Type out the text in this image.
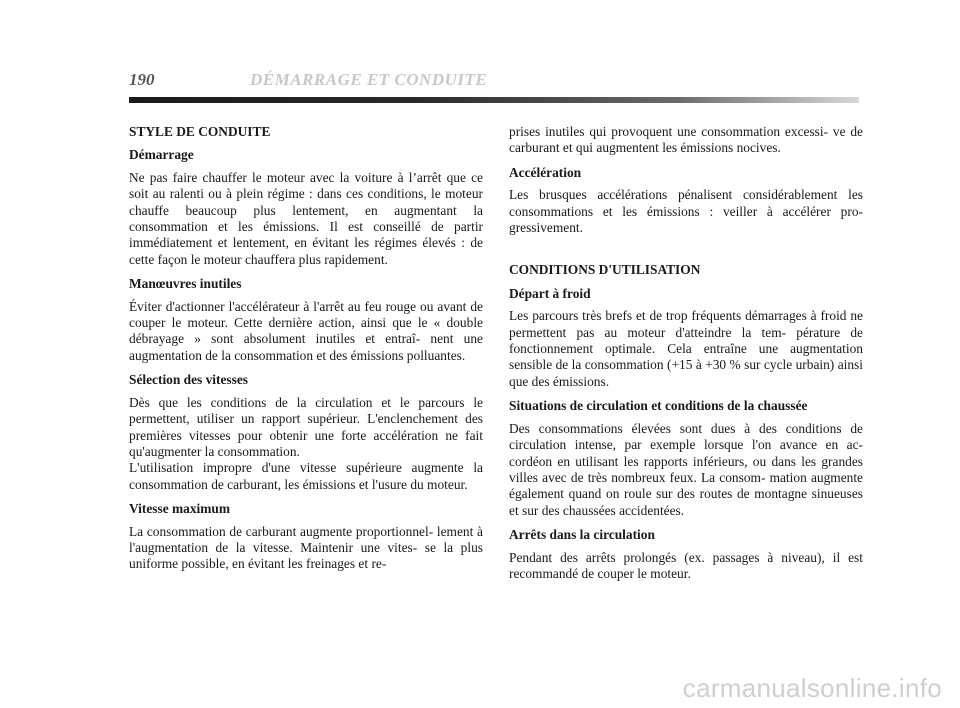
190	DÉMARRAGE ET CONDUITE
STYLE DE CONDUITE
Démarrage

Ne pas faire chauffer le moteur avec la voiture à l’arrêt que ce soit au ralenti ou à plein régime : dans ces conditions, le moteur chauffe beaucoup plus lentement, en augmentant la consommation et les émissions. Il est conseillé de partir immédiatement et lentement, en évitant les régimes élevés : de cette façon le moteur chauffera plus rapidement.

Manœuvres inutiles

Éviter d'actionner l'accélérateur à l'arrêt au feu rouge ou avant de couper le moteur. Cette dernière action, ainsi que le « double débrayage » sont absolument inutiles et entraî- nent une augmentation de la consommation et des émissions polluantes.

Sélection des vitesses

Dès que les conditions de la circulation et le parcours le permettent, utiliser un rapport supérieur. L'enclenchement des premières vitesses pour obtenir une forte accélération ne fait qu'augmenter la consommation.

L'utilisation impropre d'une vitesse supérieure augmente la consommation de carburant, les émissions et l'usure du moteur.

Vitesse maximum

La consommation de carburant augmente proportionnel- lement à l'augmentation de la vitesse. Maintenir une vites- se la plus uniforme possible, en évitant les freinages et re-

prises inutiles qui provoquent une consommation excessi- ve de carburant et qui augmentent les émissions nocives.

Accélération

Les brusques accélérations pénalisent considérablement les consommations et les émissions : veiller à accélérer pro- gressivement.

CONDITIONS D'UTILISATION
Départ à froid

Les parcours très brefs et de trop fréquents démarrages à froid ne permettent pas au moteur d'atteindre la tem- pérature de fonctionnement optimale. Cela entraîne une augmentation sensible de la consommation (+15 à +30 % sur cycle urbain) ainsi que des émissions.

Situations de circulation et conditions de la chaussée

Des consommations élevées sont dues à des conditions de circulation intense, par exemple lorsque l'on avance en ac- cordéon en utilisant les rapports inférieurs, ou dans les grandes villes avec de très nombreux feux. La consom- mation augmente également quand on roule sur des routes de montagne sinueuses et sur des chaussées accidentées.

Arrêts dans la circulation

Pendant des arrêts prolongés (ex. passages à niveau), il est recommandé de couper le moteur.

carmanualsonline.info
